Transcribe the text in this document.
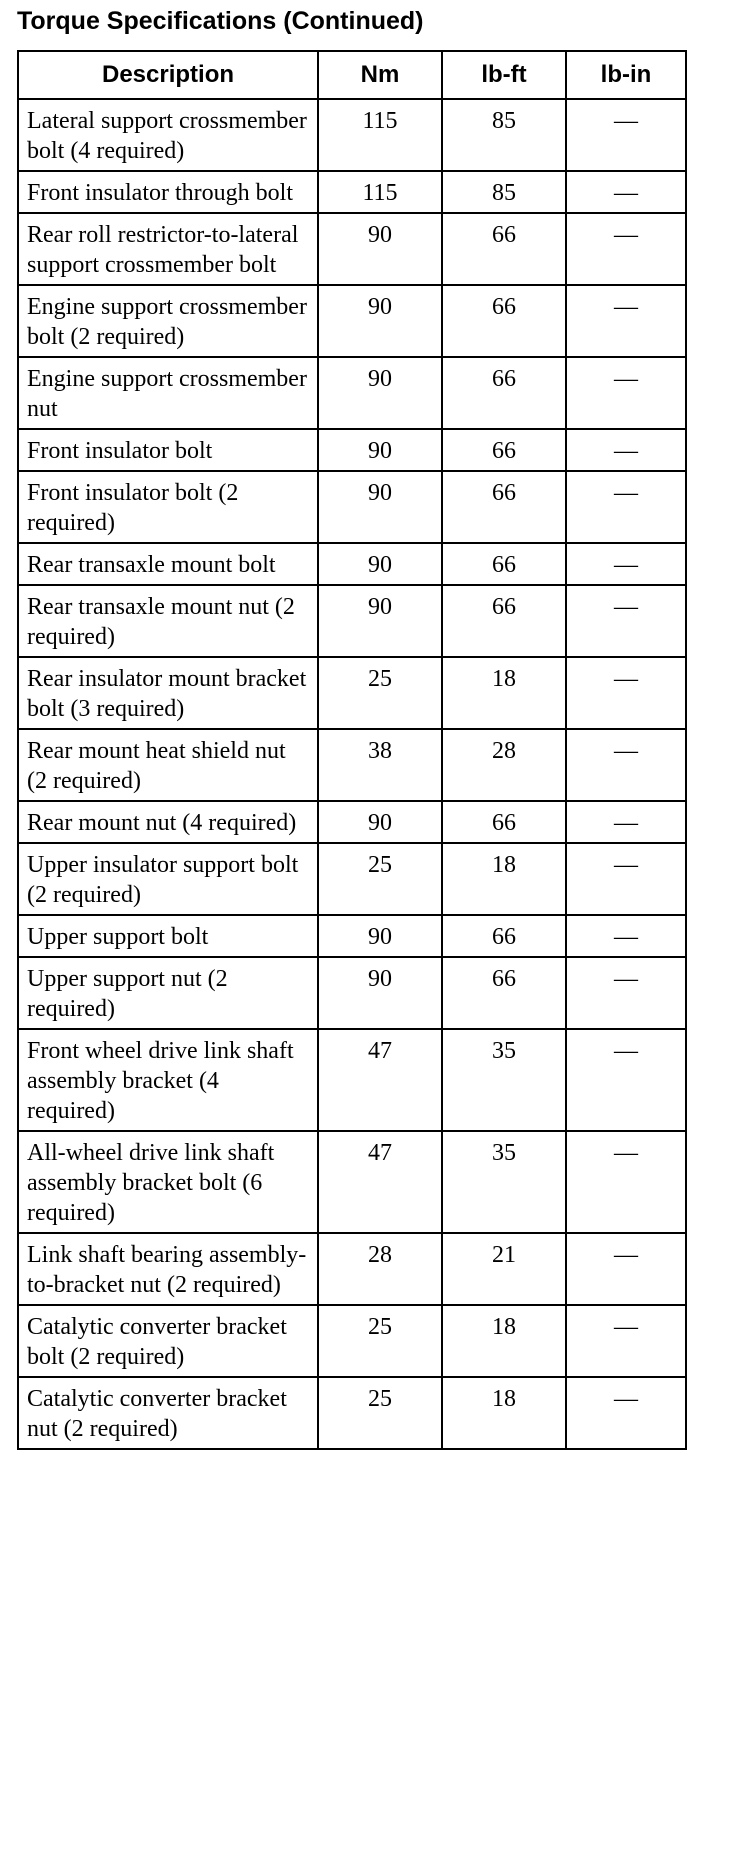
Torque Specifications (Continued)
Description	Nm	lb-ft	lb-in
Lateral support crossmember bolt (4 required)	115	85	—
Front insulator through bolt	115	85	—
Rear roll restrictor-to-lateral support crossmember bolt	90	66	—
Engine support crossmember bolt (2 required)	90	66	—
Engine support crossmember nut	90	66	—
Front insulator bolt	90	66	—
Front insulator bolt (2 required)	90	66	—
Rear transaxle mount bolt	90	66	—
Rear transaxle mount nut (2 required)	90	66	—
Rear insulator mount bracket bolt (3 required)	25	18	—
Rear mount heat shield nut (2 required)	38	28	—
Rear mount nut (4 required)	90	66	—
Upper insulator support bolt (2 required)	25	18	—
Upper support bolt	90	66	—
Upper support nut (2 required)	90	66	—
Front wheel drive link shaft assembly bracket (4 required)	47	35	—
All-wheel drive link shaft assembly bracket bolt (6 required)	47	35	—
Link shaft bearing assembly-to-bracket nut (2 required)	28	21	—
Catalytic converter bracket bolt (2 required)	25	18	—
Catalytic converter bracket nut (2 required)	25	18	—
